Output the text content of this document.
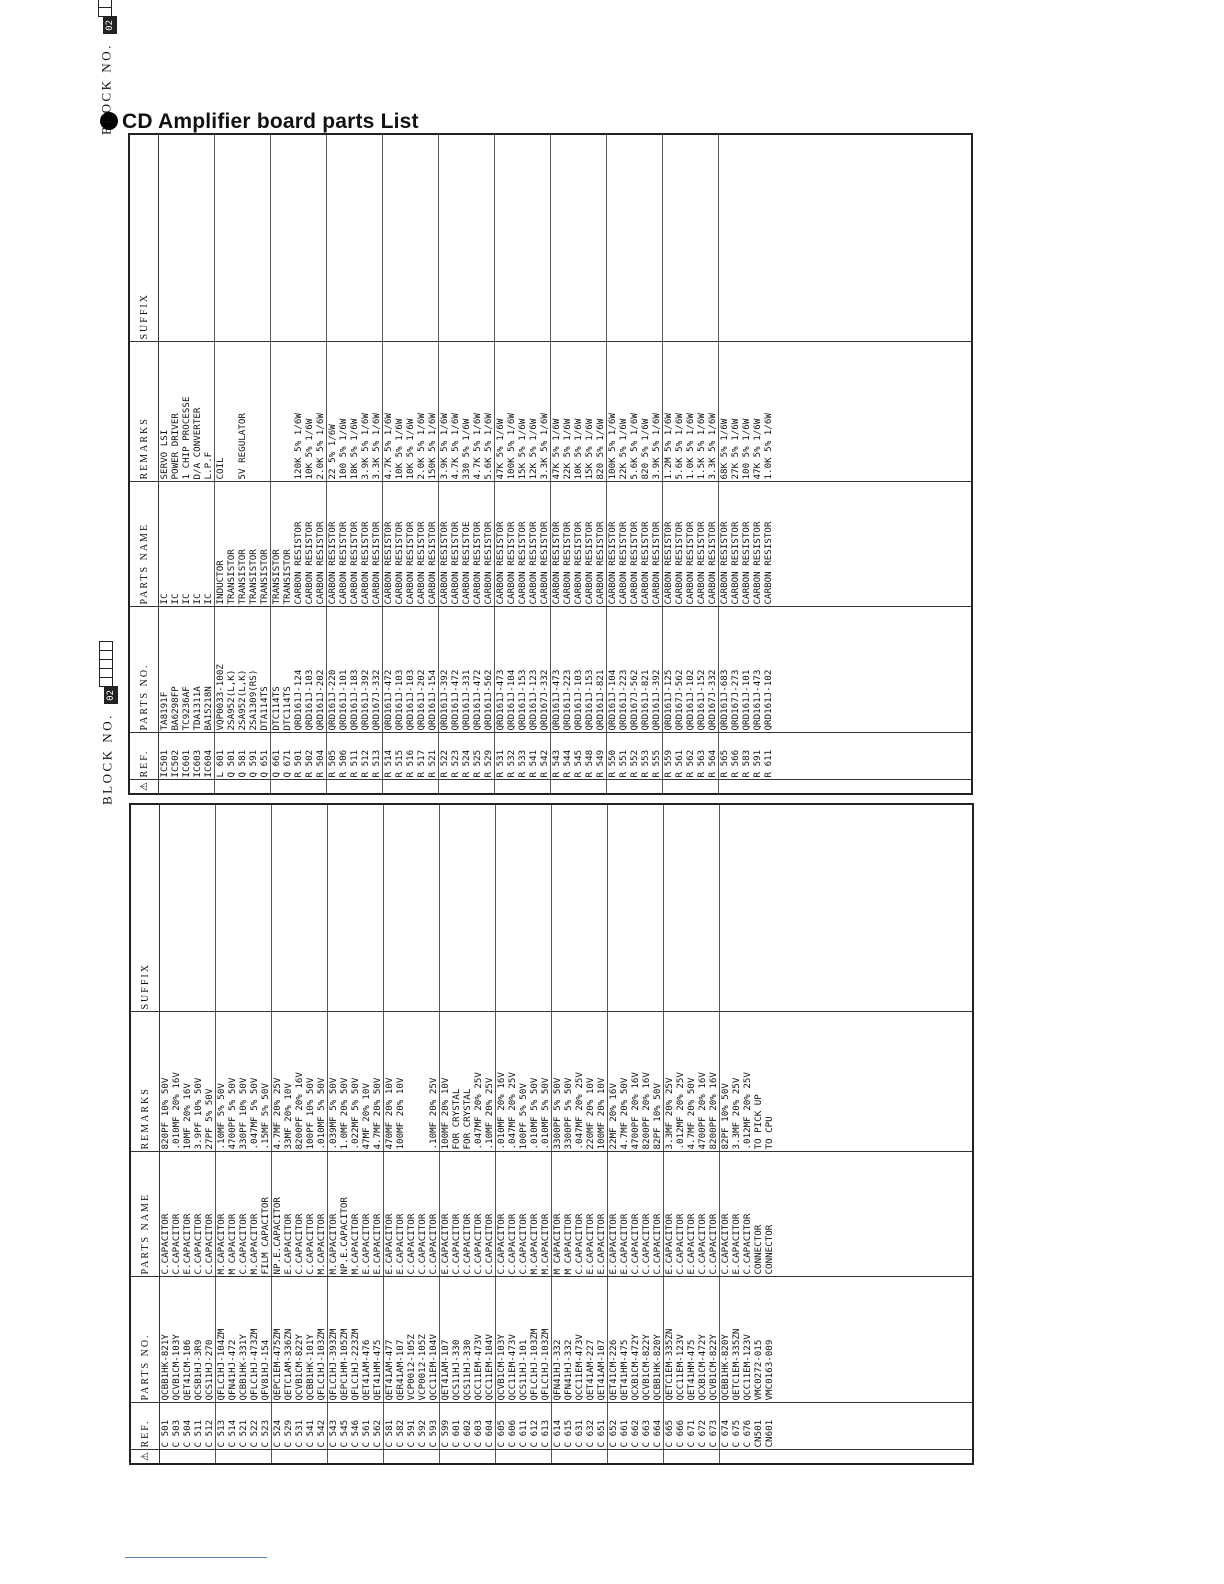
CD Amplifier board parts List
BLOCK NO. 02
⚠	REF.	PARTS NO.	PARTS NAME	REMARKS	SUFFIX
	C 501	QCBB1HK-821Y	C.CAPACITOR	820PF 10% 50V	
	C 503	QCVB1CM-103Y	C.CAPACITOR	.010MF 20% 16V	
	C 504	QET41CM-106	E.CAPACITOR	10MF 20% 16V	
	C 511	QCSB1HJ-3R9	C.CAPACITOR	3.9PF 10% 50V	
	C 512	QCS11HJ-270	C.CAPACITOR	27PF 5% 50V	
	C 513	QFLC1HJ-104ZM	M.CAPACITOR	.10MF 5% 50V	
	C 514	QFN41HJ-472	M CAPACITOR	4700PF 5% 50V	
	C 521	QCBB1HK-331Y	C.CAPACITOR	330PF 10% 50V	
	C 522	QFLC1HJ-473ZM	M.CAPACITOR	.047MF 5% 50V	
	C 523	QFV81HJ-154	FILM CAPACITOR	.15MF 5% 50V	
	C 524	QEPC1EM-475ZM	NP.E.CAPACITOR	4.7MF 20% 25V	
	C 529	QETC1AM-336ZN	E.CAPACITOR	33MF 20% 10V	
	C 531	QCVB1CM-822Y	C.CAPACITOR	8200PF 20% 16V	
	C 541	QCBB1HK-101Y	C.CAPACITOR	100PF 10% 50V	
	C 542	QFLC1HJ-103ZM	M.CAPACITOR	.010MF 5% 50V	
	C 543	QFLC1HJ-393ZM	M.CAPACITOR	.039MF 5% 50V	
	C 545	QEPC1HM-105ZM	NP.E.CAPACITOR	1.0MF 20% 50V	
	C 546	QFLC1HJ-223ZM	M.CAPACITOR	.022MF 5% 50V	
	C 561	QET41AM-476	E.CAPACITOR	47MF 20% 10V	
	C 562	QET41HM-475	E.CAPACITOR	4.7MF 20% 50V	
	C 581	QET41AM-477	E.CAPACITOR	470MF 20% 10V	
	C 582	QER41AM-107	E.CAPACITOR	100MF 20% 10V	
	C 591	VCP0012-105Z	C.CAPACITOR		
	C 592	VCP0012-105Z	C.CAPACITOR		
	C 593	QCC11EM-104V	C.CAPACITOR	.10MF 20% 25V	
	C 599	QET41AM-107	E.CAPACITOR	100MF 20% 10V	
	C 601	QCS11HJ-330	C.CAPACITOR	FOR CRYSTAL	
	C 602	QCS11HJ-330	C.CAPACITOR	FOR CRYSTAL	
	C 603	QCC11EM-473V	C.CAPACITOR	.047MF 20% 25V	
	C 604	QCC11EM-104V	C.CAPACITOR	.10MF 20% 25V	
	C 605	QCVB1CM-103Y	C.CAPACITOR	.010MF 20% 16V	
	C 606	QCC11EM-473V	C.CAPACITOR	.047MF 20% 25V	
	C 611	QCS11HJ-101	C.CAPACITOR	100PF 5% 50V	
	C 612	QFLC1HJ-103ZM	M.CAPACITOR	.010MF 5% 50V	
	C 613	QFLC1HJ-103ZM	M.CAPACITOR	.010MF 5% 50V	
	C 614	QFN41HJ-332	M CAPACITOR	3300PF 5% 50V	
	C 615	QFN41HJ-332	M CAPACITOR	3300PF 5% 50V	
	C 631	QCC11EM-473V	C.CAPACITOR	.047MF 20% 25V	
	C 632	QET41AM-227	E.CAPACITOR	220MF 20% 10V	
	C 651	QET41AM-107	E.CAPACITOR	100MF 20% 10V	
	C 652	QET41CM-226	E.CAPACITOR	22MF 20% 16V	
	C 661	QET41HM-475	E.CAPACITOR	4.7MF 20% 50V	
	C 662	QCXB1CM-472Y	C.CAPACITOR	4700PF 20% 16V	
	C 663	QCVB1CM-822Y	C.CAPACITOR	8200PF 20% 16V	
	C 664	QCBB1HK-820Y	C.CAPACITOR	82PF 10% 50V	
	C 665	QETC1EM-335ZN	E.CAPACITOR	3.3MF 20% 25V	
	C 666	QCC11EM-123V	C.CAPACITOR	.012MF 20% 25V	
	C 671	QET41HM-475	E.CAPACITOR	4.7MF 20% 50V	
	C 672	QCXB1CM-472Y	C.CAPACITOR	4700PF 20% 16V	
	C 673	QCVB1CM-822Y	C.CAPACITOR	8200PF 20% 16V	
	C 674	QCBB1HK-820Y	C.CAPACITOR	82PF 10% 50V	
	C 675	QETC1EM-335ZN	E.CAPACITOR	3.3MF 20% 25V	
	C 676	QCC11EM-123V	C.CAPACITOR	.012MF 20% 25V	
	CN501	VMC0272-015	CONNECTOR	TO PICK UP	
	CN601	VMC0163-009	CONNECTOR	TO CPU	

BLOCK NO. 02
⚠	REF.	PARTS NO.	PARTS NAME	REMARKS	SUFFIX
	IC501	TA8191F	IC	SERVO LSI	
	IC502	BA6298FP	IC	POWER DRIVER	
	IC601	TC9236AF	IC	1 CHIP PROCESSE	
	IC603	TDA1311A	IC	D/A CONVERTER	
	IC604	BA15218N	IC	L.P.F	
	L 601	VQP0033-100Z	INDUCTOR	COIL	
	Q 501	2SA952(L,K)	TRANSISTOR		
	Q 581	2SA952(L,K)	TRANSISTOR	5V REGULATOR	
	Q 591	2SA1309(RS)	TRANSISTOR		
	Q 651	DTA114TS	TRANSISTOR		
	Q 661	DTC114TS	TRANSISTOR		
	Q 671	DTC114TS	TRANSISTOR		
	R 501	QRD161J-124	CARBON RESISTOR	120K 5% 1/6W	
	R 502	QRD161J-103	CARBON RESISTOR	10K 5% 1/6W	
	R 504	QRD161J-202	CARBON RESISTOR	2.0K 5% 1/6W	
	R 505	QRD161J-220	CARBON RESISTOR	22 5% 1/6W	
	R 506	QRD161J-101	CARBON RESISTOR	100 5% 1/6W	
	R 511	QRD161J-183	CARBON RESISTOR	18K 5% 1/6W	
	R 512	QRD161J-392	CARBON RESISTOR	3.9K 5% 1/6W	
	R 513	QRD167J-332	CARBON RESISTOR	3.3K 5% 1/6W	
	R 514	QRD161J-472	CARBON RESISTOR	4.7K 5% 1/6W	
	R 515	QRD161J-103	CARBON RESISTOR	10K 5% 1/6W	
	R 516	QRD161J-103	CARBON RESISTOR	10K 5% 1/6W	
	R 517	QRD161J-202	CARBON RESISTOR	2.0K 5% 1/6W	
	R 521	QRD161J-154	CARBON RESISTOR	150K 5% 1/6W	
	R 522	QRD161J-392	CARBON RESISTOR	3.9K 5% 1/6W	
	R 523	QRD161J-472	CARBON RESISTOR	4.7K 5% 1/6W	
	R 524	QRD161J-331	CARBON RESISTOE	330 5% 1/6W	
	R 525	QRD161J-472	CARBON RESISTOR	4.7K 5% 1/6W	
	R 529	QRD161J-562	CARBON RESISTOR	5.6K 5% 1/6W	
	R 531	QRD161J-473	CARBON RESISTOR	47K 5% 1/6W	
	R 532	QRD161J-104	CARBON RESISTOR	100K 5% 1/6W	
	R 533	QRD161J-153	CARBON RESISTOR	15K 5% 1/6W	
	R 541	QRD161J-123	CARBON RESISTOR	12K 5% 1/6W	
	R 542	QRD167J-332	CARBON RESISTOR	3.3K 5% 1/6W	
	R 543	QRD161J-473	CARBON RESISTOR	47K 5% 1/6W	
	R 544	QRD161J-223	CARBON RESISTOR	22K 5% 1/6W	
	R 545	QRD161J-103	CARBON RESISTOR	10K 5% 1/6W	
	R 548	QRD161J-153	CARBON RESISTOR	15K 5% 1/6W	
	R 549	QRD161J-821	CARBON RESISTOR	820 5% 1/6W	
	R 550	QRD161J-104	CARBON RESISTOR	100K 5% 1/6W	
	R 551	QRD161J-223	CARBON RESISTOR	22K 5% 1/6W	
	R 552	QRD167J-562	CARBON RESISTOR	5.6K 5% 1/6W	
	R 553	QRD161J-821	CARBON RESISTOR	820 5% 1/6W	
	R 555	QRD161J-392	CARBON RESISTOR	3.9K 5% 1/6W	
	R 559	QRD161J-125	CARBON RESISTOR	1.2M 5% 1/6W	
	R 561	QRD167J-562	CARBON RESISTOR	5.6K 5% 1/6W	
	R 562	QRD161J-102	CARBON RESISTOR	1.0K 5% 1/6W	
	R 563	QRD161J-152	CARBON RESISTOR	1.5K 5% 1/6W	
	R 564	QRD167J-332	CARBON RESISTOR	3.3K 5% 1/6W	
	R 565	QRD161J-683	CARBON RESISTOR	68K 5% 1/6W	
	R 566	QRD167J-273	CARBON RESISTOR	27K 5% 1/6W	
	R 583	QRD161J-101	CARBON RESISTOR	100 5% 1/6W	
	R 591	QRD161J-473	CARBON RESISTOR	47K 5% 1/6W	
	R 611	QRD161J-102	CARBON RESISTOR	1.0K 5% 1/6W	
